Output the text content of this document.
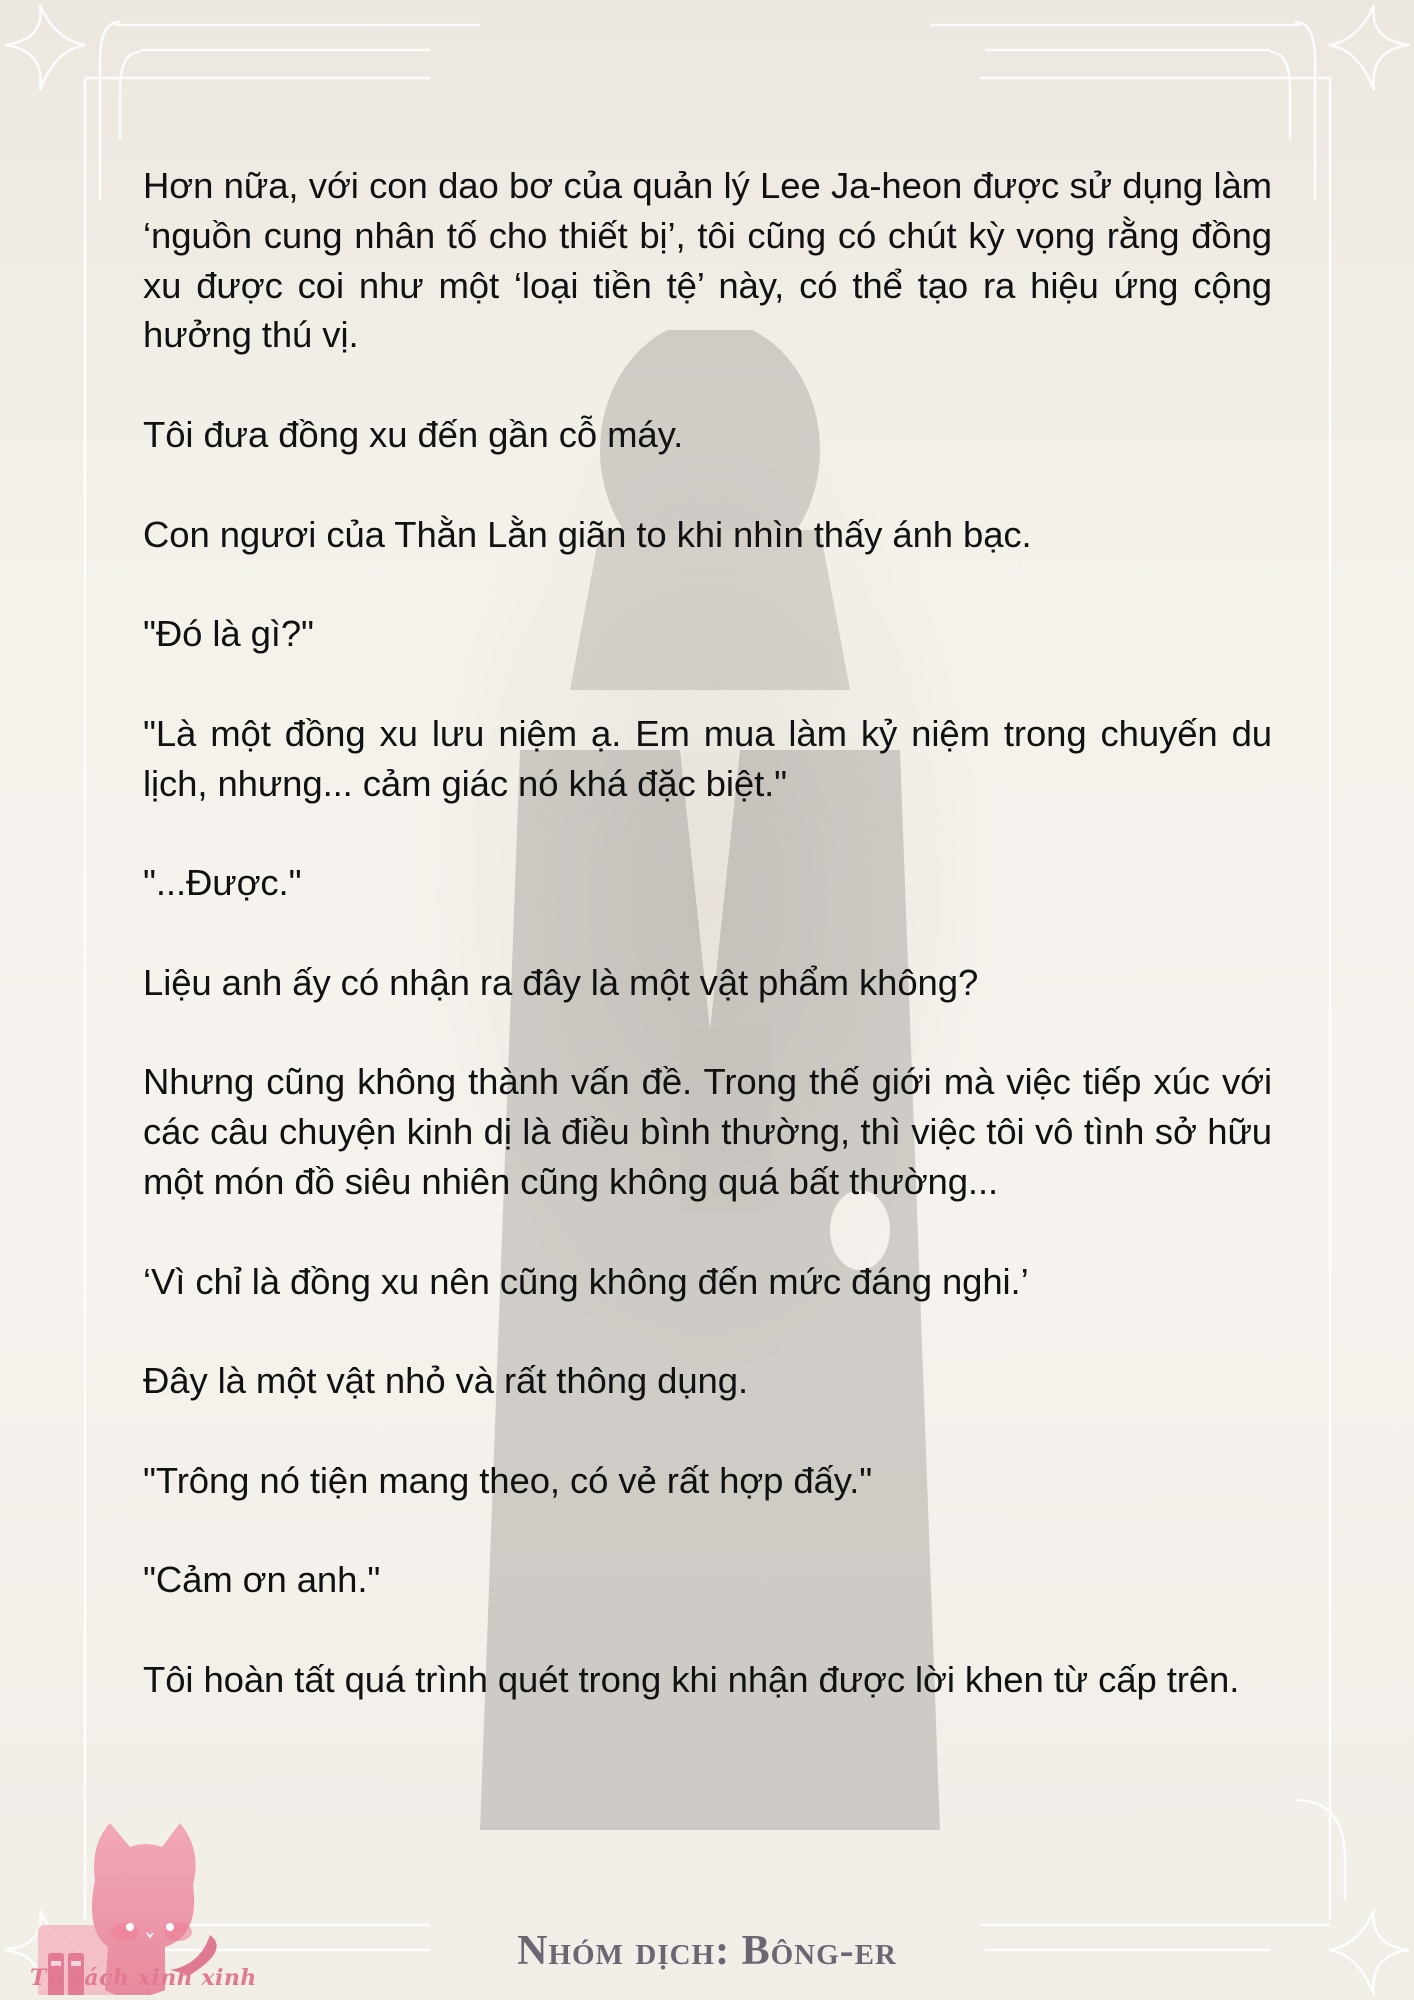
Hơn nữa, với con dao bơ của quản lý Lee Ja-heon được sử dụng làm ‘nguồn cung nhân tố cho thiết bị’, tôi cũng có chút kỳ vọng rằng đồng xu được coi như một ‘loại tiền tệ’ này, có thể tạo ra hiệu ứng cộng hưởng thú vị.

Tôi đưa đồng xu đến gần cỗ máy.

Con ngươi của Thằn Lằn giãn to khi nhìn thấy ánh bạc.

"Đó là gì?"

"Là một đồng xu lưu niệm ạ. Em mua làm kỷ niệm trong chuyến du lịch, nhưng... cảm giác nó khá đặc biệt."

"...Được."

Liệu anh ấy có nhận ra đây là một vật phẩm không?

Nhưng cũng không thành vấn đề. Trong thế giới mà việc tiếp xúc với các câu chuyện kinh dị là điều bình thường, thì việc tôi vô tình sở hữu một món đồ siêu nhiên cũng không quá bất thường...

‘Vì chỉ là đồng xu nên cũng không đến mức đáng nghi.’

Đây là một vật nhỏ và rất thông dụng.

"Trông nó tiện mang theo, có vẻ rất hợp đấy."

"Cảm ơn anh."

Tôi hoàn tất quá trình quét trong khi nhận được lời khen từ cấp trên.

Tủ sách xinh xinh
Nhóm dịch: Bông-er
